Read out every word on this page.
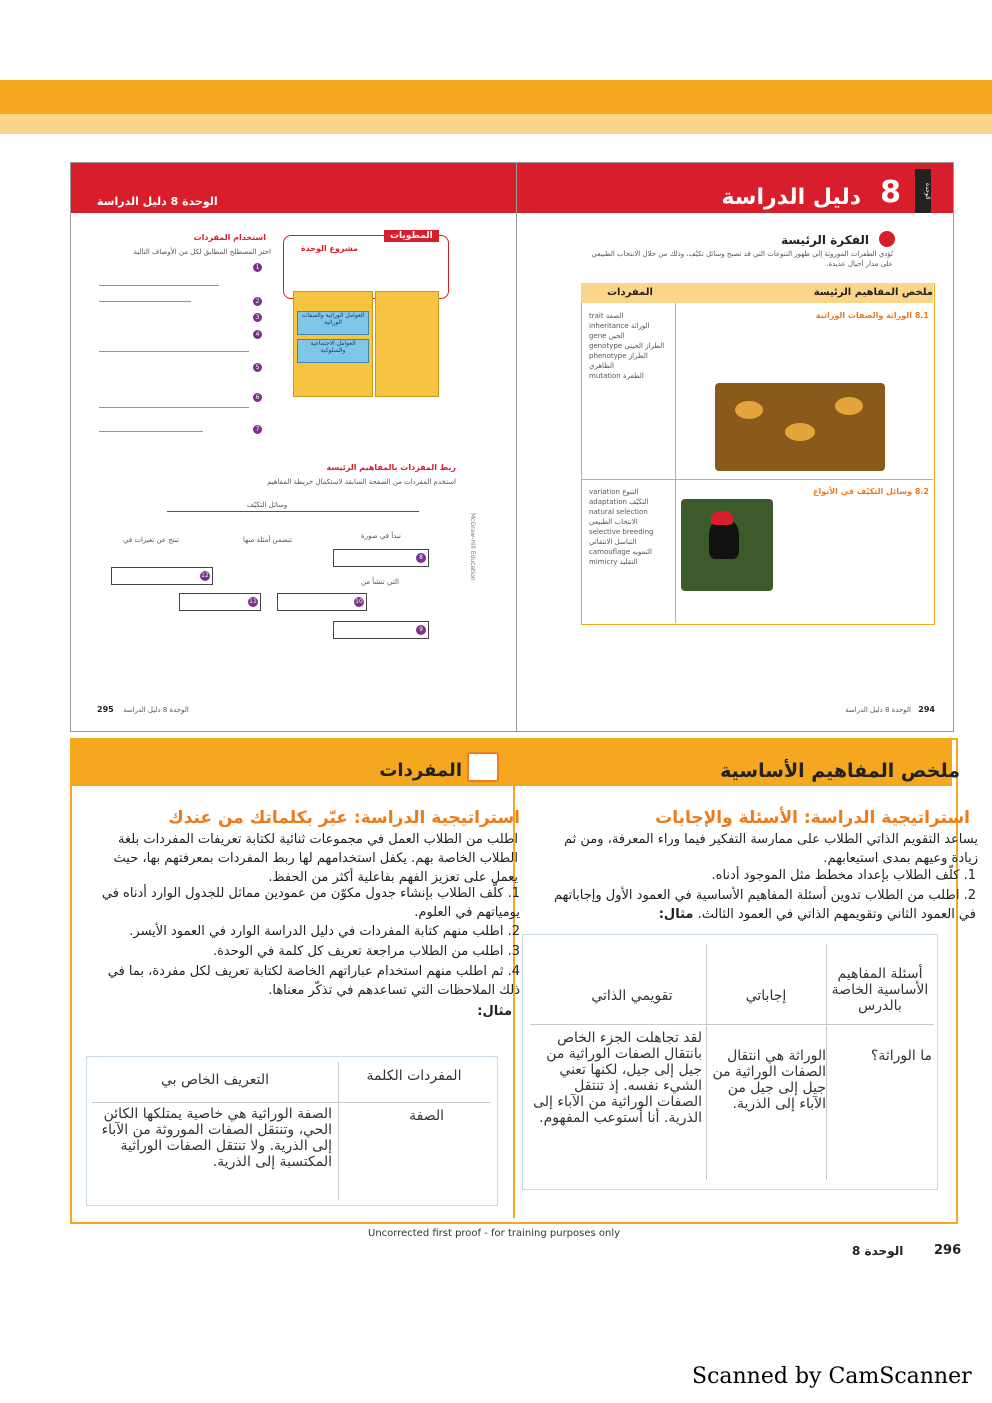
الوحدة 8 دليل الدراسة
استخدام المفردات
اختر المصطلح المطابق لكل من الأوصاف التالية
1
2
3
4
5
6
7
المطويات
مشروع الوحدة
العوامل الوراثية والصفات الوراثية
العوامل الاجتماعية والسلوكية
ربط المفردات بالمفاهيم الرئيسة
استخدم المفردات من الصفحة السابقة لاستكمال خريطة المفاهيم
وسائل التكيّف
تبدأ في صورة
تتضمن أمثلة منها
تنتج عن تغيرات في
8
12
11	10
9
التي تنشأ من
McGraw-Hill Education
295 الوحدة 8 دليل الدراسة
8
دليل الدراسة	الوحدة
الفكرة الرئيسة
تُؤدي الطفرات الموروثة إلى ظهور التنوعات التي قد تصبح وسائل تكيّف، وذلك من خلال الانتخاب الطبيعي على مدار أجيال عديدة.
ملخص المفاهيم الرئيسة
المفردات
8.1 الوراثة والصفات الوراثية
trait الصفة
inheritance الوراثة
gene الجين
genotype الطراز الجيني
phenotype الطراز الظاهري
mutation الطفرة
8.2 وسائل التكيّف في الأنواع
variation التنوع
adaptation التكيّف
natural selection الانتخاب الطبيعي
selective breeding التناسل الانتقائي
camouflage التمويه
mimicry التقليد
294
الوحدة 8 دليل الدراسة
ملخص المفاهيم الأساسية
المفردات
استراتيجية الدراسة: الأسئلة والإجابات
يساعد التقويم الذاتي الطلاب على ممارسة التفكير فيما وراء المعرفة، ومن ثم زيادة وعيهم بمدى استيعابهم.
1. كلّف الطلاب بإعداد مخطط مثل الموجود أدناه.
2. اطلب من الطلاب تدوين أسئلة المفاهيم الأساسية في العمود الأول وإجاباتهم في العمود الثاني وتقويمهم الذاتي في العمود الثالث. مثال:
أسئلة المفاهيم الأساسية الخاصة بالدرس
إجاباتي
تقويمي الذاتي
ما الوراثة؟
الوراثة هي انتقال الصفات الوراثية من جيل إلى جيل من الآباء إلى الذرية.
لقد تجاهلت الجزء الخاص بانتقال الصفات الوراثية من جيل إلى جيل، لكنها تعني الشيء نفسه. إذ تنتقل الصفات الوراثية من الآباء إلى الذرية. أنا أستوعب المفهوم.
استراتيجية الدراسة: عبّر بكلماتك من عندك
اطلب من الطلاب العمل في مجموعات ثنائية لكتابة تعريفات المفردات بلغة الطلاب الخاصة بهم. يكفل استخدامهم لها ربط المفردات بمعرفتهم بها، حيث يعمل على تعزيز الفهم بفاعلية أكثر من الحفظ.
1. كلّف الطلاب بإنشاء جدول مكوّن من عمودين مماثل للجدول الوارد أدناه في يومياتهم في العلوم.
2. اطلب منهم كتابة المفردات في دليل الدراسة الوارد في العمود الأيسر.
3. اطلب من الطلاب مراجعة تعريف كل كلمة في الوحدة.
4. ثم اطلب منهم استخدام عباراتهم الخاصة لكتابة تعريف لكل مفردة، بما في ذلك الملاحظات التي تساعدهم في تذكّر معناها.
مثال:
المفردات الكلمة
التعريف الخاص بي
الصفة
الصفة الوراثية هي خاصية يمتلكها الكائن الحي، وتنتقل الصفات الموروثة من الآباء إلى الذرية. ولا تنتقل الصفات الوراثية المكتسبة إلى الذرية.
Uncorrected first proof - for training purposes only
296
الوحدة 8
Scanned by CamScanner
